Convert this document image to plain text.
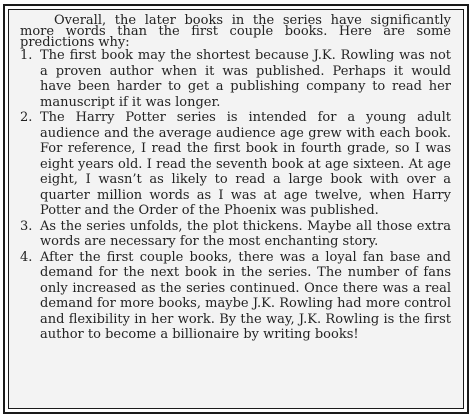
Overall, the later books in the series have significantly more words than the first couple books. Here are some predictions why:

1. The first book may the shortest because J.K. Rowling was not a proven author when it was published. Perhaps it would have been harder to get a publishing company to read her manuscript if it was longer.
2. The Harry Potter series is intended for a young adult audience and the average audience age grew with each book. For reference, I read the first book in fourth grade, so I was eight years old. I read the seventh book at age sixteen. At age eight, I wasn’t as likely to read a large book with over a quarter million words as I was at age twelve, when Harry Potter and the Order of the Phoenix was published.
3. As the series unfolds, the plot thickens. Maybe all those extra words are necessary for the most enchanting story.
4. After the first couple books, there was a loyal fan base and demand for the next book in the series. The number of fans only increased as the series continued. Once there was a real demand for more books, maybe J.K. Rowling had more control and flexibility in her work. By the way, J.K. Rowling is the first author to become a billionaire by writing books!
